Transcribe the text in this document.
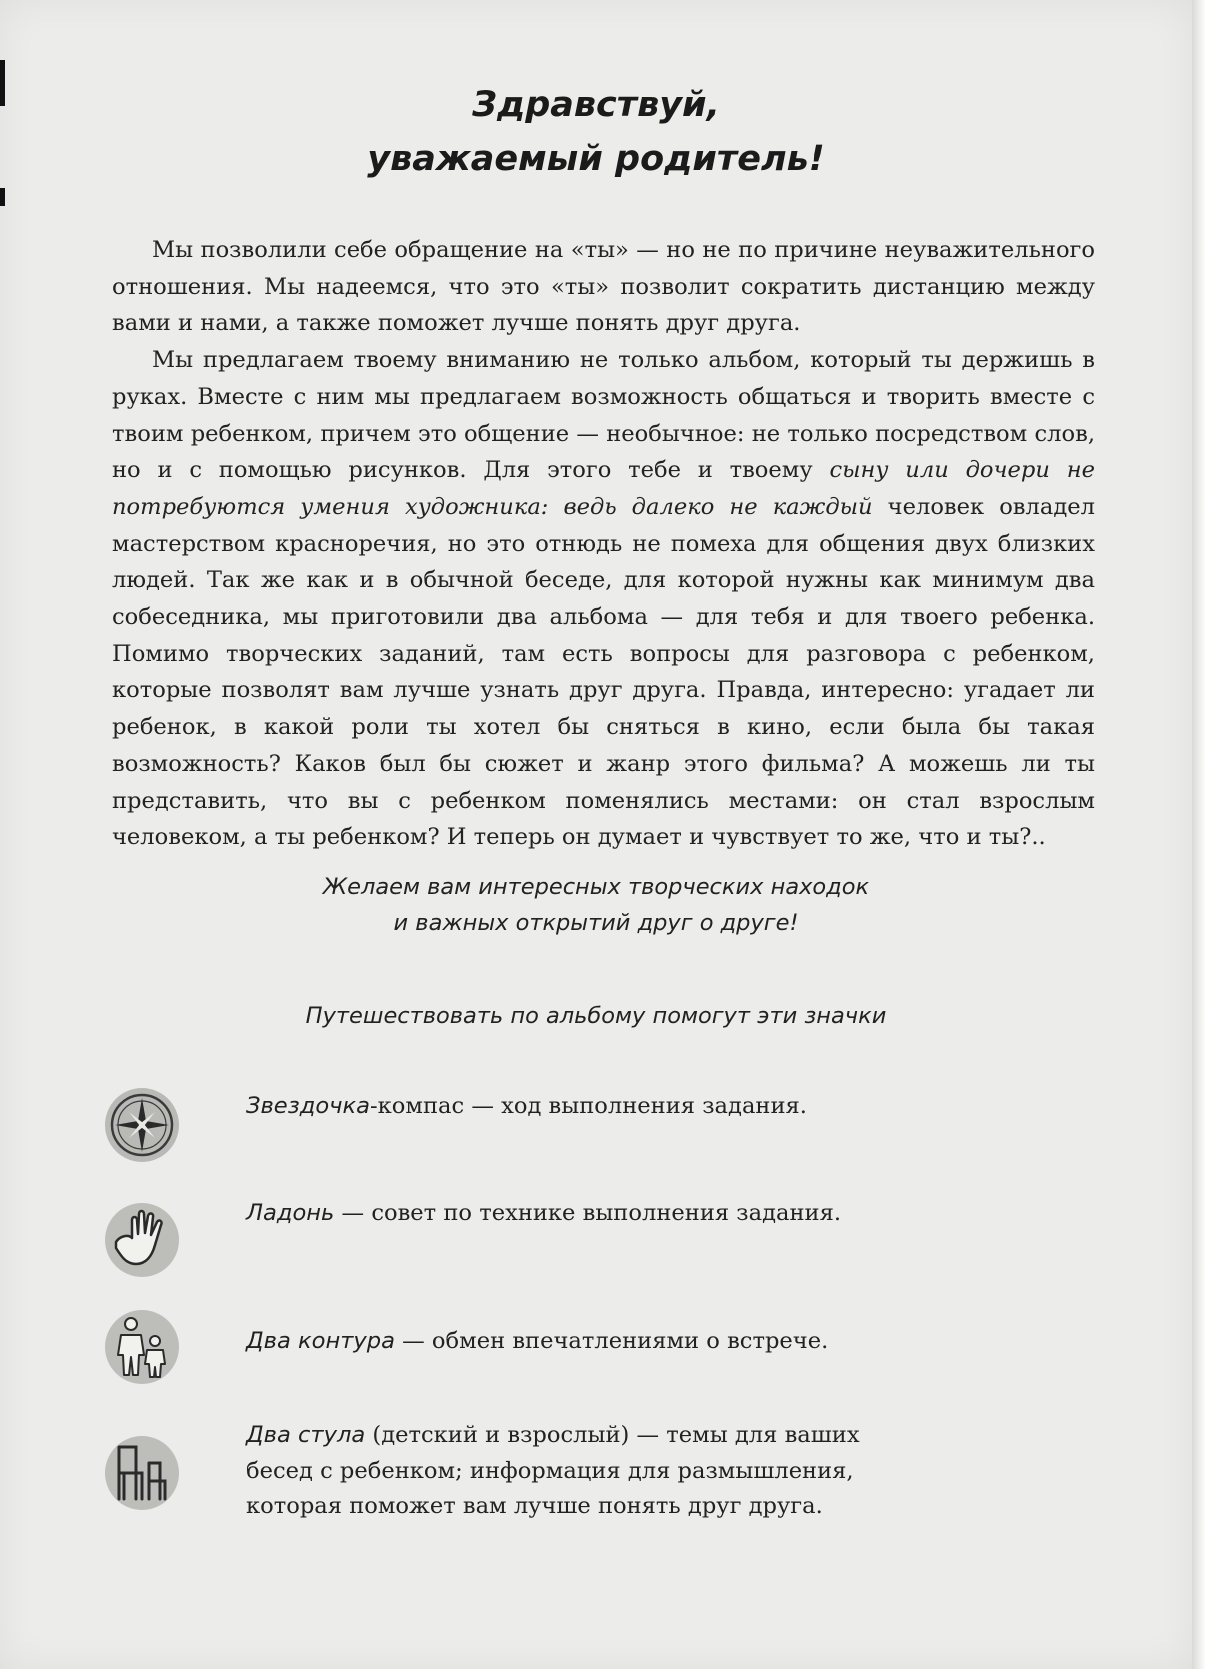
Здравствуй,
уважаемый родитель!

Мы позволили себе обращение на «ты» — но не по причине неуважительного отношения. Мы надеемся, что это «ты» позволит сократить дистанцию между вами и нами, а также поможет лучше понять друг друга.

Мы предлагаем твоему вниманию не только альбом, который ты держишь в руках. Вместе с ним мы предлагаем возможность общаться и творить вместе с твоим ребенком, причем это общение — необычное: не только посредством слов, но и с помощью рисунков. Для этого тебе и твоему сыну или дочери не потребуются умения художника: ведь далеко не каждый человек овладел мастерством красноречия, но это отнюдь не помеха для общения двух близких людей. Так же как и в обычной беседе, для которой нужны как минимум два собеседника, мы приготовили два альбома — для тебя и для твоего ребенка. Помимо творческих заданий, там есть вопросы для разговора с ребенком, которые позволят вам лучше узнать друг друга. Правда, интересно: угадает ли ребенок, в какой роли ты хотел бы сняться в кино, если была бы такая возможность? Каков был бы сюжет и жанр этого фильма? А можешь ли ты представить, что вы с ребенком поменялись местами: он стал взрослым человеком, а ты ребенком? И теперь он думает и чувствует то же, что и ты?..

Желаем вам интересных творческих находок
и важных открытий друг о друге!
Путешествовать по альбому помогут эти значки
Звездочка-компас — ход выполнения задания.
Ладонь — совет по технике выполнения задания.
Два контура — обмен впечатлениями о встрече.
Два стула (детский и взрослый) — темы для ваших
бесед с ребенком; информация для размышления,
которая поможет вам лучше понять друг друга.
